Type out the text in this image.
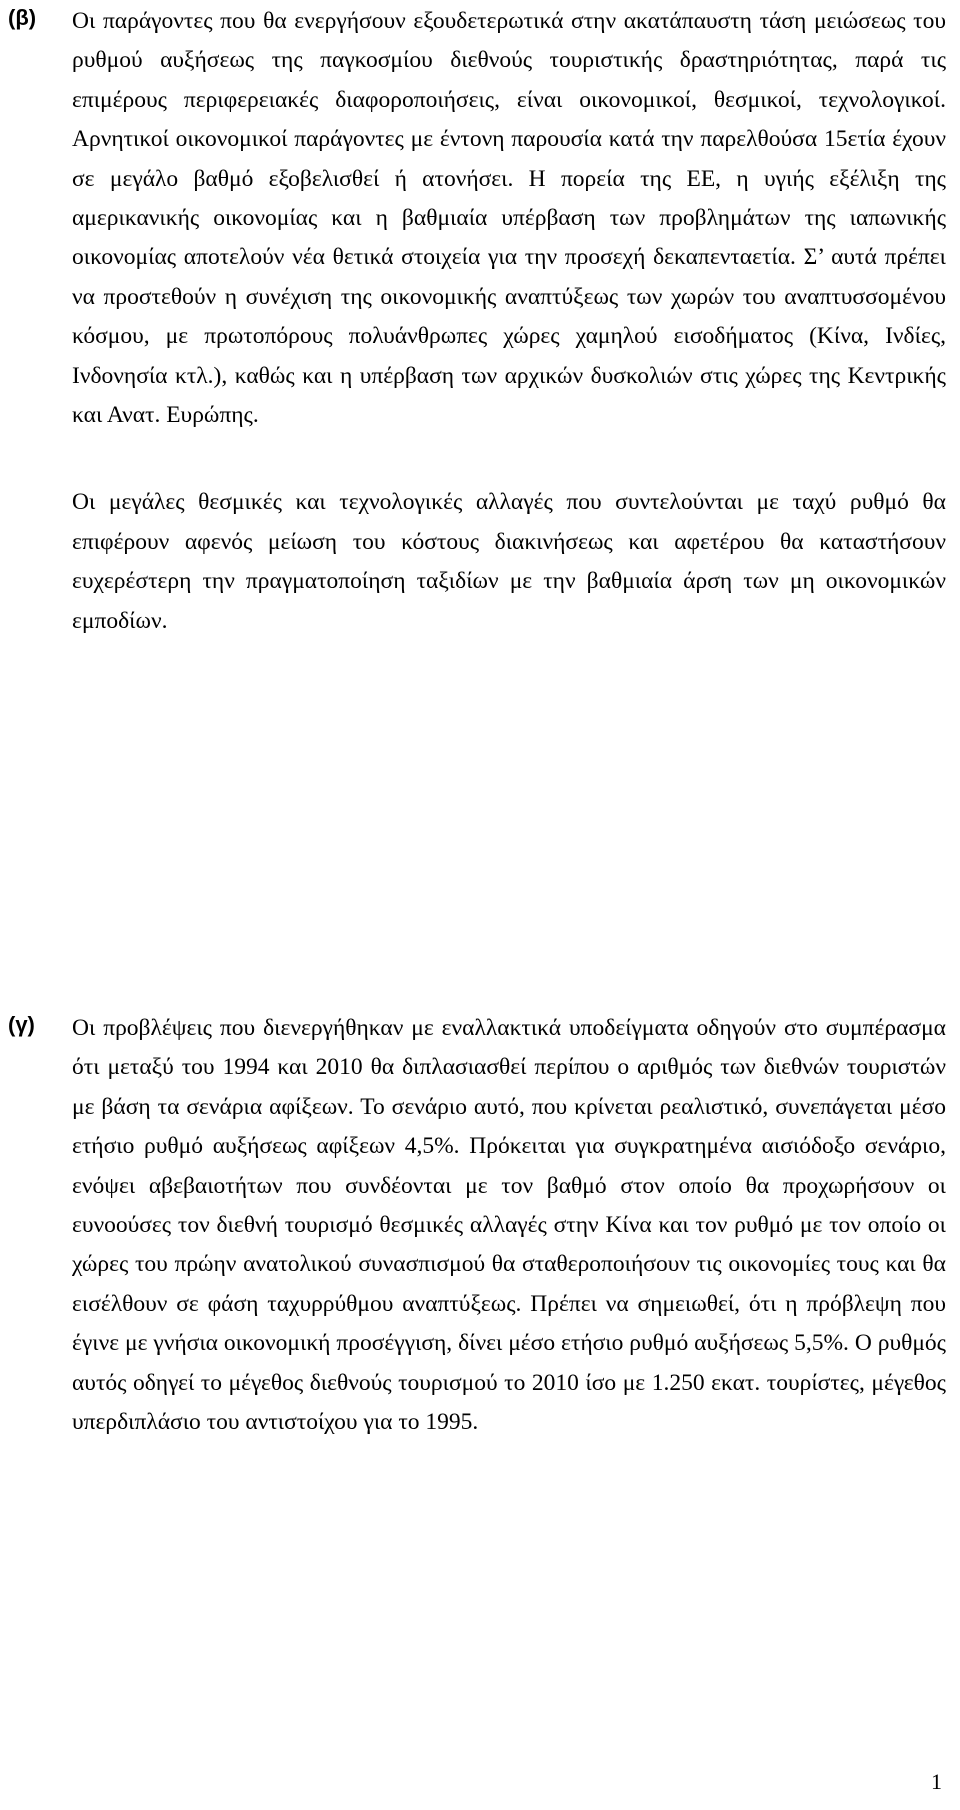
(β) Οι παράγοντες που θα ενεργήσουν εξουδετερωτικά στην ακατάπαυστη τάση μειώσεως του ρυθμού αυξήσεως της παγκοσμίου διεθνούς τουριστικής δραστηριότητας, παρά τις επιμέρους περιφερειακές διαφοροποιήσεις, είναι οικονομικοί, θεσμικοί, τεχνολογικοί. Αρνητικοί οικονομικοί παράγοντες με έντονη παρουσία κατά την παρελθούσα 15ετία έχουν σε μεγάλο βαθμό εξοβελισθεί ή ατονήσει. Η πορεία της ΕΕ, η υγιής εξέλιξη της αμερικανικής οικονομίας και η βαθμιαία υπέρβαση των προβλημάτων της ιαπωνικής οικονομίας αποτελούν νέα θετικά στοιχεία για την προσεχή δεκαπενταετία. Σ’ αυτά πρέπει να προστεθούν η συνέχιση της οικονομικής αναπτύξεως των χωρών του αναπτυσσομένου κόσμου, με πρωτοπόρους πολυάνθρωπες χώρες χαμηλού εισοδήματος (Κίνα, Ινδίες, Ινδονησία κτλ.), καθώς και η υπέρβαση των αρχικών δυσκολιών στις χώρες της Κεντρικής και Ανατ. Ευρώπης.

Οι μεγάλες θεσμικές και τεχνολογικές αλλαγές που συντελούνται με ταχύ ρυθμό θα επιφέρουν αφενός μείωση του κόστους διακινήσεως και αφετέρου θα καταστήσουν ευχερέστερη την πραγματοποίηση ταξιδίων με την βαθμιαία άρση των μη οικονομικών εμποδίων.

(γ) Οι προβλέψεις που διενεργήθηκαν με εναλλακτικά υποδείγματα οδηγούν στο συμπέρασμα ότι μεταξύ του 1994 και 2010 θα διπλασιασθεί περίπου ο αριθμός των διεθνών τουριστών με βάση τα σενάρια αφίξεων. Το σενάριο αυτό, που κρίνεται ρεαλιστικό, συνεπάγεται μέσο ετήσιο ρυθμό αυξήσεως αφίξεων 4,5%. Πρόκειται για συγκρατημένα αισιόδοξο σενάριο, ενόψει αβεβαιοτήτων που συνδέονται με τον βαθμό στον οποίο θα προχωρήσουν οι ευνοούσες τον διεθνή τουρισμό θεσμικές αλλαγές στην Κίνα και τον ρυθμό με τον οποίο οι χώρες του πρώην ανατολικού συνασπισμού θα σταθεροποιήσουν τις οικονομίες τους και θα εισέλθουν σε φάση ταχυρρύθμου αναπτύξεως. Πρέπει να σημειωθεί, ότι η πρόβλεψη που έγινε με γνήσια οικονομική προσέγγιση, δίνει μέσο ετήσιο ρυθμό αυξήσεως 5,5%. Ο ρυθμός αυτός οδηγεί το μέγεθος διεθνούς τουρισμού το 2010 ίσο με 1.250 εκατ. τουρίστες, μέγεθος υπερδιπλάσιο του αντιστοίχου για το 1995.

1
